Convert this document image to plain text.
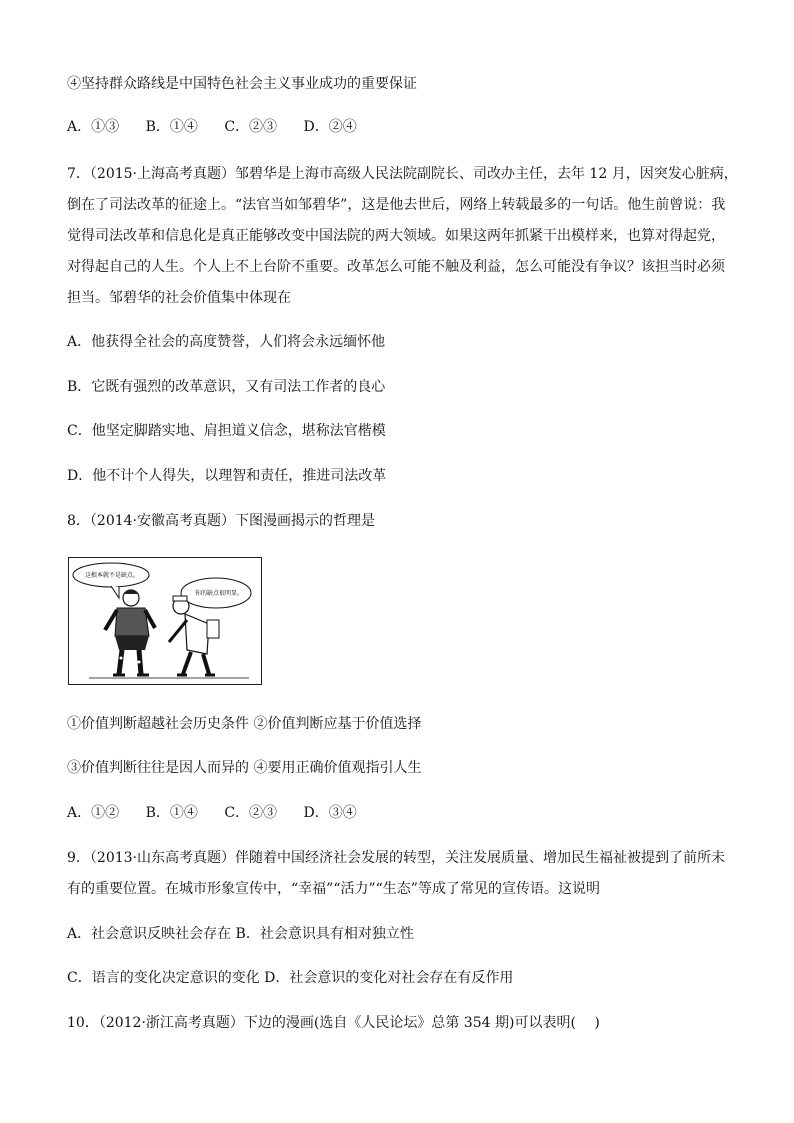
④坚持群众路线是中国特色社会主义事业成功的重要保证
A．①③ B．①④ C．②③ D．②④
7．（2015·上海高考真题）邹碧华是上海市高级人民法院副院长、司改办主任，去年 12 月，因突发心脏病，
倒在了司法改革的征途上。“法官当如邹碧华”，这是他去世后，网络上转载最多的一句话。他生前曾说：我
觉得司法改革和信息化是真正能够改变中国法院的两大领域。如果这两年抓紧干出模样来，也算对得起党，
对得起自己的人生。个人上不上台阶不重要。改革怎么可能不触及利益，怎么可能没有争议？该担当时必须
担当。邹碧华的社会价值集中体现在
A．他获得全社会的高度赞誉，人们将会永远缅怀他
B．它既有强烈的改革意识，又有司法工作者的良心
C．他坚定脚踏实地、肩担道义信念，堪称法官楷模
D．他不计个人得失，以理智和责任，推进司法改革
8．（2014·安徽高考真题）下图漫画揭示的哲理是
这根本就不是缺点。
你的缺点很明显。
①价值判断超越社会历史条件 ②价值判断应基于价值选择
③价值判断往往是因人而异的 ④要用正确价值观指引人生
A．①② B．①④ C．②③ D．③④
9．（2013·山东高考真题）伴随着中国经济社会发展的转型，关注发展质量、增加民生福祉被提到了前所未
有的重要位置。在城市形象宣传中，“幸福”“活力”“生态”等成了常见的宣传语。这说明
A．社会意识反映社会存在 B．社会意识具有相对独立性
C．语言的变化决定意识的变化 D．社会意识的变化对社会存在有反作用
10．（2012·浙江高考真题）下边的漫画(选自《人民论坛》总第 354 期)可以表明(　 )
